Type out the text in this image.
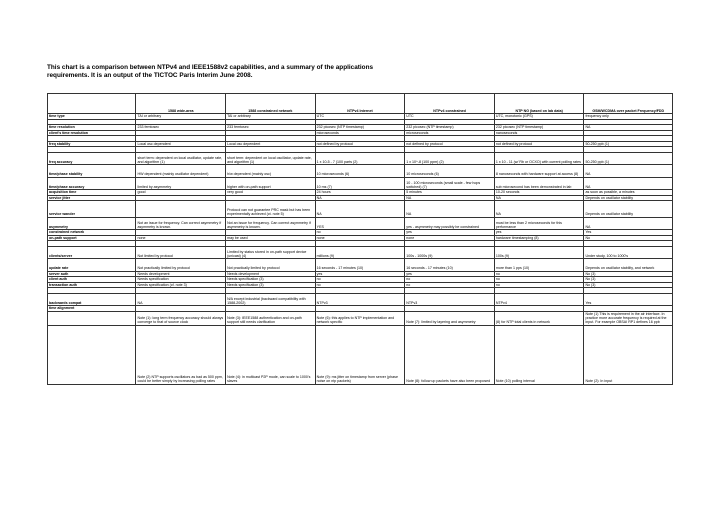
This chart is a comparison between NTPv4 and IEEE1588v2 capabilities, and a summary of the applications
requirements. It is an output of the TICTOC Paris Interim June 2008.
	1588 wide-area	1588 constrained network	NTPv4 Internet	NTPv4 constrained	NTP NG (based on lab data)	GSM/WCDMA over packet Frequency/FDD
time type	TAI or arbitrary	TAI or arbitrary	UTC	UTC	UTC, monotonic (GPS)	frequency only

time resolution	233 femtosec	233 femtosec	232 picosec (NTP timestamp)	232 picosec (NTP timestamp)	232 picosec (NTP timestamp)	NA
client's time resolution			microseconds	microseconds	nanoseconds	

freq stability	Local osc dependent	Local osc dependent	not defined by protocol	not defined by protocol	not defined by protocol	50-250 ppb (1)

freq accuracy	short term: dependent on local oscillator, update rate, and algorithm (1)	short term: dependent on local oscillator, update rate, and algorithm (1)	1 x 10-5 - 7 (100 parts (2)	1 x 10^-8 (100 ppm) (2)	1 x 10 - 11 (w/ Rb or OCXO) with current polling rates	50-250 ppb (1)
time/phase stability	HW dependent (mainly oscillator dependent)	h/w dependent (mainly osc)	10 microseconds (6)	10 microseconds (6)	8 nanoseconds with hardware support at access (8)	NA
time/phase accuracy	limited by asymmetry	higher with on-path support	10 ms (7)	10 - 100 microseconds (small scale - few hops switched) (7)	sub microsecond has been demonstrated in lab	NA
acquisition time	good	very good	24 hours	5 minutes	10-20 seconds	as soon as possible, a minutes
service jitter			NA	NA	NA	Depends on oscillator stability
service wander		Protocol can not guarantee PRC mask but has been experimentally achieved (ct. note 5)	NA	NA	NA	Depends on oscillator stability
asymmetry	Not an issue for frequency. Can correct asymmetry if asymmetry is known.	Not an issue for frequency. Can correct asymmetry if asymmetry is known.	YES	yes - asymmetry may possibly be constrained	must be less than 2 microseconds for this performance	NA
constrained network			no	yes	yes	Yes
on-path support	none	may be used	none	none	hardware timestamping (8)	No

clients/server	Not limited by protocol	Limited by status stored in on-path support device (unicast) (4)	millions (9)	100s - 1000s (9)	100s (9)	Under study, 100 to 1000's
update rate	Not practically limited by protocol	Not practically limited by protocol	16 seconds - 17 minutes (10)	16 seconds - 17 minutes (10)	more than 1 pps (10)	Depends on oscillator stability, and network
server auth	Needs development	Needs development	yes	yes	no	No (3)
client auth	Needs specification	Needs specification (3)	no	no	no	No (3)
transaction auth	Needs specification (cf. note 3)	Needs specification (3)	no	no	no	No (3)

backwards compat	NA	N/A except industrial (backward compatibility with 1588-2002)	NTPv3	NTPv3	NTPv4	Yes
time alignment						
	Note (1): long term frequency accuracy should always converge to that of source clock	Note (3): IEEE1588 authentication and on-path support still needs clarification	Note (6): this applies to NTP implementation and network specific	Note (7): limited by layering and asymmetry	(8) for NTP total clients in network	Note (1) This is requirement in the air interface. In practice more accurate frequency is required at the input. For example OBSAI RP1 defines 16 ppb
	Note (2) NTP supports oscillators as bad as 500 ppm, could be better simply by increasing polling rates	Note (4): in multicast P2P mode, can scale to 1000's slaves	Note (9): ms jitter on timestamp from server (phase noise on ntp packets)	Note (8): follow up packets have also been proposed	Note (10) polling interval	Note (2): In input
